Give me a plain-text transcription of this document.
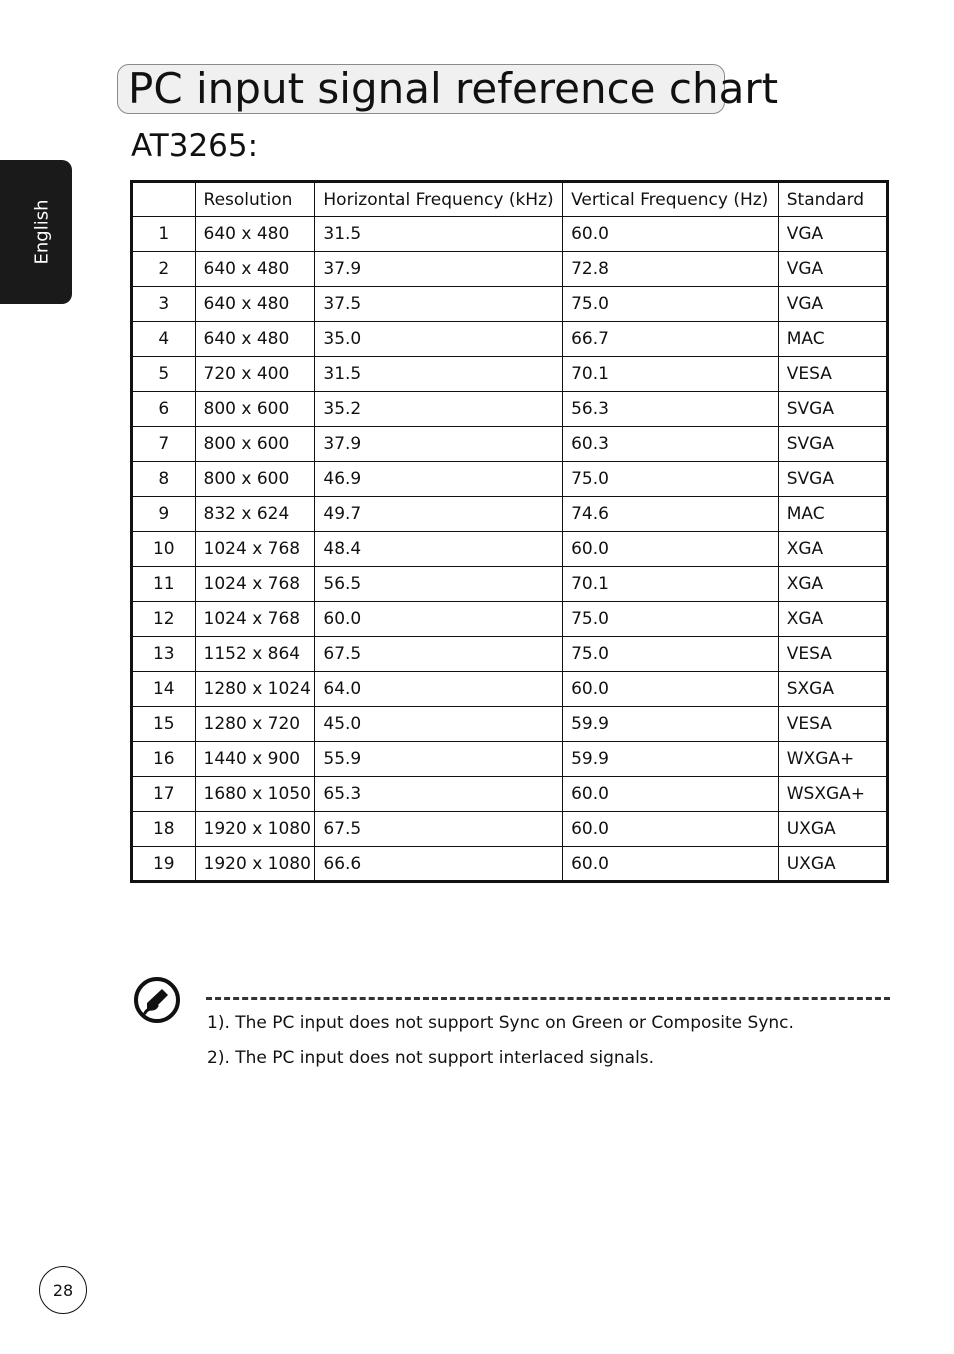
PC input signal reference chart
AT3265:
English
		Resolution	Horizontal Frequency (kHz)	Vertical Frequency (Hz)	Standard
1	640 x 480	31.5	60.0	VGA
2	640 x 480	37.9	72.8	VGA
3	640 x 480	37.5	75.0	VGA
4	640 x 480	35.0	66.7	MAC
5	720 x 400	31.5	70.1	VESA
6	800 x 600	35.2	56.3	SVGA
7	800 x 600	37.9	60.3	SVGA
8	800 x 600	46.9	75.0	SVGA
9	832 x 624	49.7	74.6	MAC
10	1024 x 768	48.4	60.0	XGA
11	1024 x 768	56.5	70.1	XGA
12	1024 x 768	60.0	75.0	XGA
13	1152 x 864	67.5	75.0	VESA
14	1280 x 1024	64.0	60.0	SXGA
15	1280 x 720	45.0	59.9	VESA
16	1440 x 900	55.9	59.9	WXGA+
17	1680 x 1050	65.3	60.0	WSXGA+
18	1920 x 1080	67.5	60.0	UXGA
19	1920 x 1080	66.6	60.0	UXGA
1). The PC input does not support Sync on Green or Composite Sync.
2). The PC input does not support interlaced signals.
28
